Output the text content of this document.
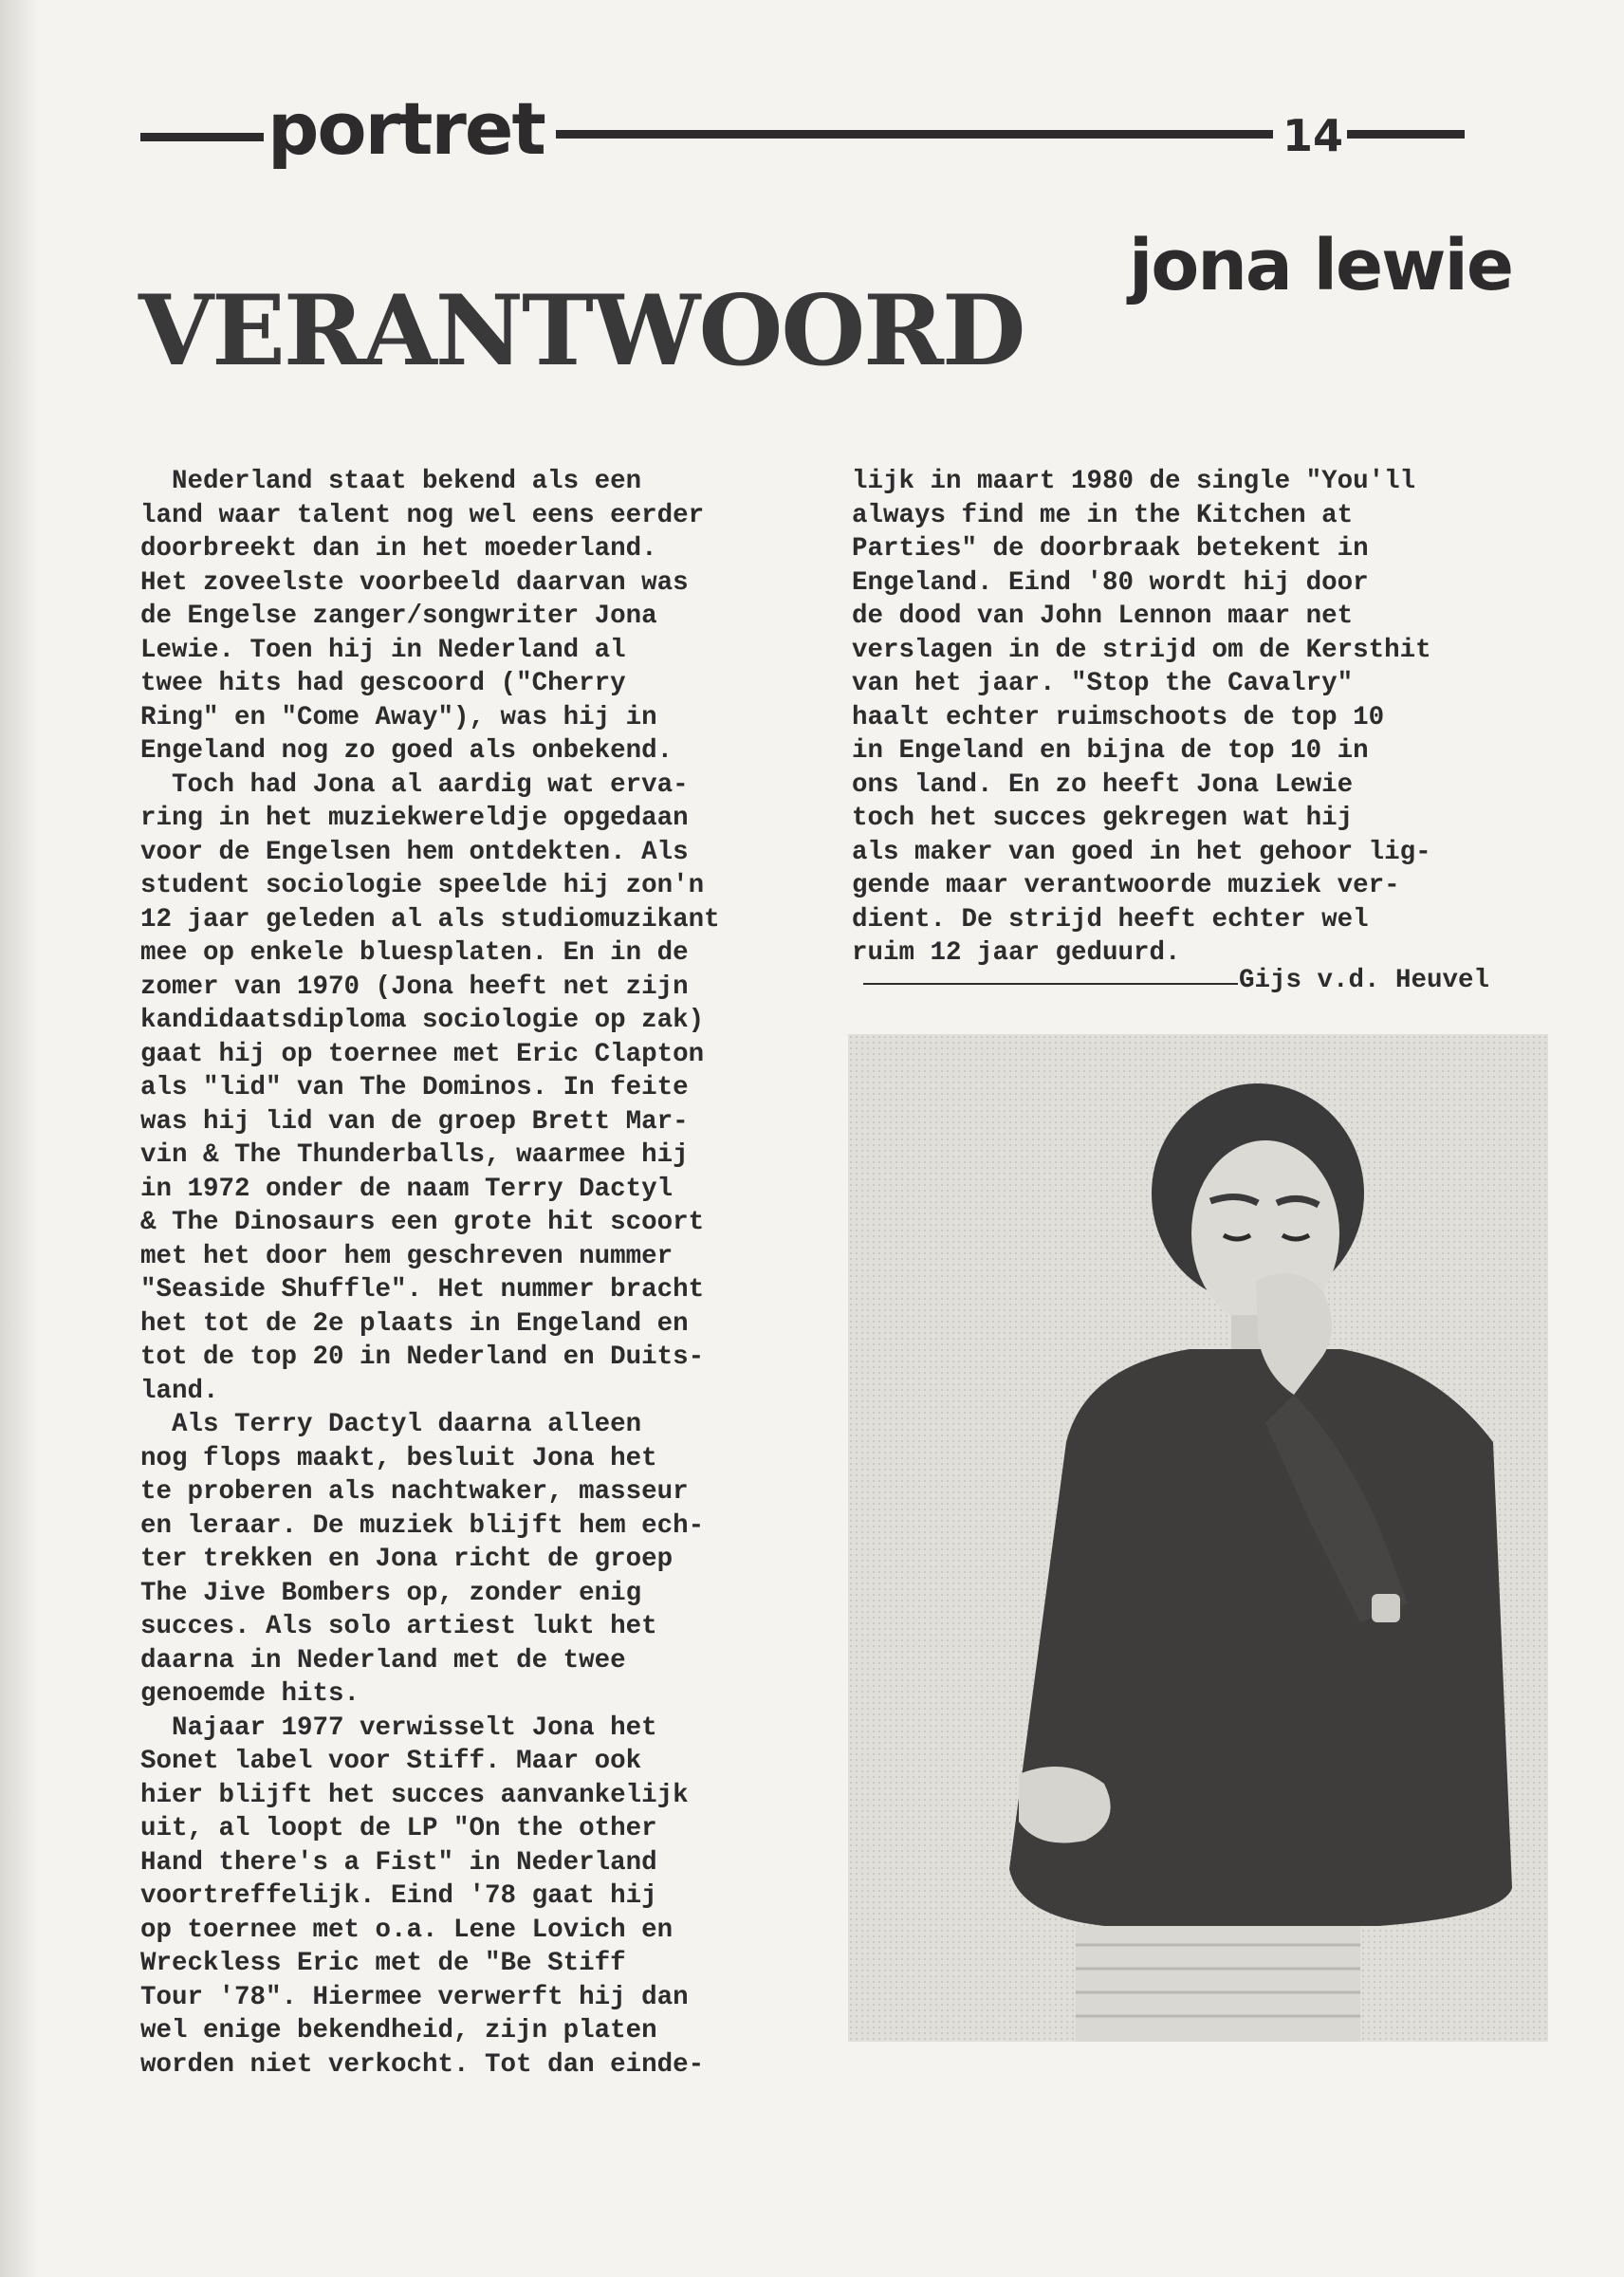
portret	14
jona lewie
VERANTWOORD
Nederland staat bekend als een
land waar talent nog wel eens eerder
doorbreekt dan in het moederland.
Het zoveelste voorbeeld daarvan was
de Engelse zanger/songwriter Jona
Lewie. Toen hij in Nederland al
twee hits had gescoord ("Cherry
Ring" en "Come Away"), was hij in
Engeland nog zo goed als onbekend.
Toch had Jona al aardig wat erva-
ring in het muziekwereldje opgedaan
voor de Engelsen hem ontdekten. Als
student sociologie speelde hij zon'n
12 jaar geleden al als studiomuzikant
mee op enkele bluesplaten. En in de
zomer van 1970 (Jona heeft net zijn
kandidaatsdiploma sociologie op zak)
gaat hij op toernee met Eric Clapton
als "lid" van The Dominos. In feite
was hij lid van de groep Brett Mar-
vin & The Thunderballs, waarmee hij
in 1972 onder de naam Terry Dactyl
& The Dinosaurs een grote hit scoort
met het door hem geschreven nummer
"Seaside Shuffle". Het nummer bracht
het tot de 2e plaats in Engeland en
tot de top 20 in Nederland en Duits-
land.
Als Terry Dactyl daarna alleen
nog flops maakt, besluit Jona het
te proberen als nachtwaker, masseur
en leraar. De muziek blijft hem ech-
ter trekken en Jona richt de groep
The Jive Bombers op, zonder enig
succes. Als solo artiest lukt het
daarna in Nederland met de twee
genoemde hits.
Najaar 1977 verwisselt Jona het
Sonet label voor Stiff. Maar ook
hier blijft het succes aanvankelijk
uit, al loopt de LP "On the other
Hand there's a Fist" in Nederland
voortreffelijk. Eind '78 gaat hij
op toernee met o.a. Lene Lovich en
Wreckless Eric met de "Be Stiff
Tour '78". Hiermee verwerft hij dan
wel enige bekendheid, zijn platen
worden niet verkocht. Tot dan einde-
lijk in maart 1980 de single "You'll
always find me in the Kitchen at
Parties" de doorbraak betekent in
Engeland. Eind '80 wordt hij door
de dood van John Lennon maar net
verslagen in de strijd om de Kersthit
van het jaar. "Stop the Cavalry"
haalt echter ruimschoots de top 10
in Engeland en bijna de top 10 in
ons land. En zo heeft Jona Lewie
toch het succes gekregen wat hij
als maker van goed in het gehoor lig-
gende maar verantwoorde muziek ver-
dient. De strijd heeft echter wel
ruim 12 jaar geduurd.
Gijs v.d. Heuvel
